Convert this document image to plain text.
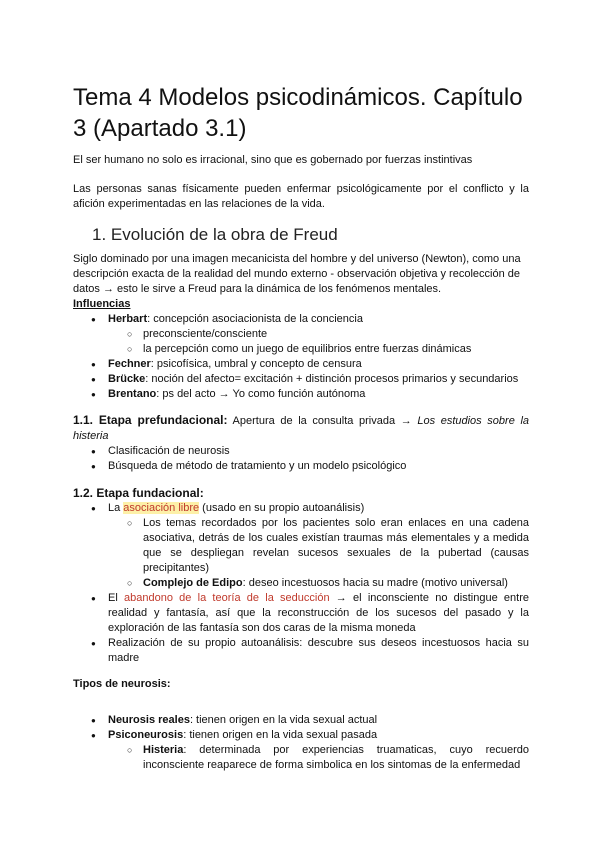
Tema 4 Modelos psicodinámicos. Capítulo 3 (Apartado 3.1)

El ser humano no solo es irracional, sino que es gobernado por fuerzas instintivas

Las personas sanas físicamente pueden enfermar psicológicamente por el conflicto y la afición experimentadas en las relaciones de la vida.

1. Evolución de la obra de Freud

Siglo dominado por una imagen mecanicista del hombre y del universo (Newton), como una descripción exacta de la realidad del mundo externo - observación objetiva y recolección de datos → esto le sirve a Freud para la dinámica de los fenómenos mentales.

Influencias

● Herbart: concepción asociacionista de la conciencia
○ preconsciente/consciente
○ la percepción como un juego de equilibrios entre fuerzas dinámicas
● Fechner: psicofísica, umbral y concepto de censura
● Brücke: noción del afecto= excitación + distinción procesos primarios y secundarios
● Brentano: ps del acto → Yo como función autónoma

1.1. Etapa prefundacional: Apertura de la consulta privada → Los estudios sobre la histeria

● Clasificación de neurosis
● Búsqueda de método de tratamiento y un modelo psicológico
1.2. Etapa fundacional:
● La asociación libre (usado en su propio autoanálisis)
○ Los temas recordados por los pacientes solo eran enlaces en una cadena asociativa, detrás de los cuales existían traumas más elementales y a medida que se despliegan revelan sucesos sexuales de la pubertad (causas precipitantes)
○ Complejo de Edipo: deseo incestuosos hacia su madre (motivo universal)
● El abandono de la teoría de la seducción → el inconsciente no distingue entre realidad y fantasía, así que la reconstrucción de los sucesos del pasado y la exploración de las fantasía son dos caras de la misma moneda
● Realización de su propio autoanálisis: descubre sus deseos incestuosos hacia su madre

Tipos de neurosis:

● Neurosis reales: tienen origen en la vida sexual actual
● Psiconeurosis: tienen origen en la vida sexual pasada
○ Histeria: determinada por experiencias truamaticas, cuyo recuerdo inconsciente reaparece de forma simbolica en los sintomas de la enfermedad
